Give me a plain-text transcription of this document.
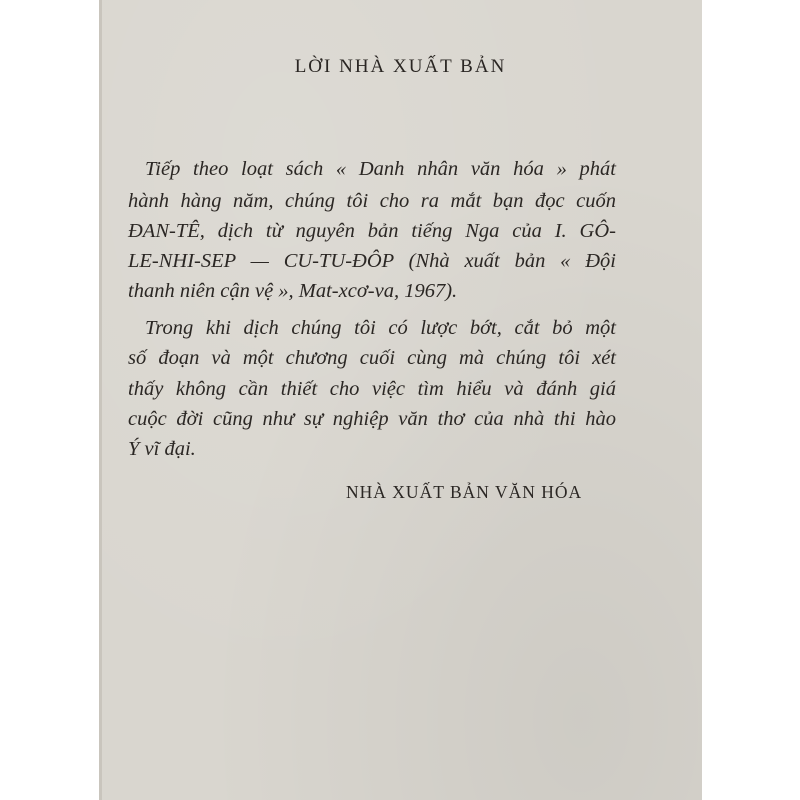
LỜI NHÀ XUẤT BẢN
Tiếp theo loạt sách « Danh nhân văn hóa » phát
hành hàng năm, chúng tôi cho ra mắt bạn đọc cuốn
ĐAN-TÊ, dịch từ nguyên bản tiếng Nga của I. GÔ-
LE-NHI-SEP — CU-TU-ĐÔP (Nhà xuất bản « Đội
thanh niên cận vệ », Mat-xcơ-va, 1967).
Trong khi dịch chúng tôi có lược bớt, cắt bỏ một
số đoạn và một chương cuối cùng mà chúng tôi xét
thấy không cần thiết cho việc tìm hiểu và đánh giá
cuộc đời cũng như sự nghiệp văn thơ của nhà thi hào
Ý vĩ đại.
NHÀ XUẤT BẢN VĂN HÓA
